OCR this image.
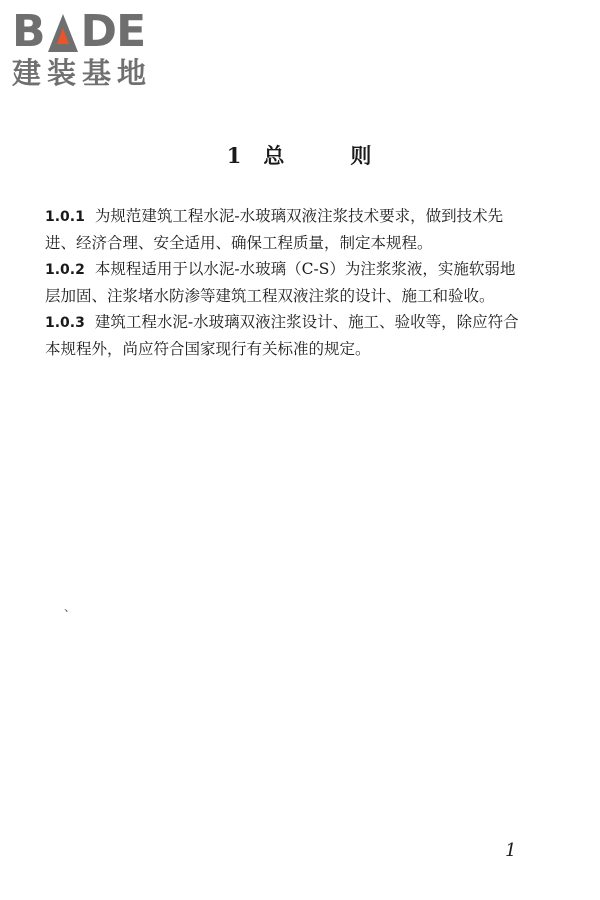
B DE
建装基地
1 总	则

1.0.1 为规范建筑工程水泥-水玻璃双液注浆技术要求，做到技术先进、经济合理、安全适用、确保工程质量，制定本规程。

1.0.2 本规程适用于以水泥-水玻璃（C-S）为注浆浆液，实施软弱地层加固、注浆堵水防渗等建筑工程双液注浆的设计、施工和验收。

1.0.3 建筑工程水泥-水玻璃双液注浆设计、施工、验收等，除应符合本规程外，尚应符合国家现行有关标准的规定。

、
1
